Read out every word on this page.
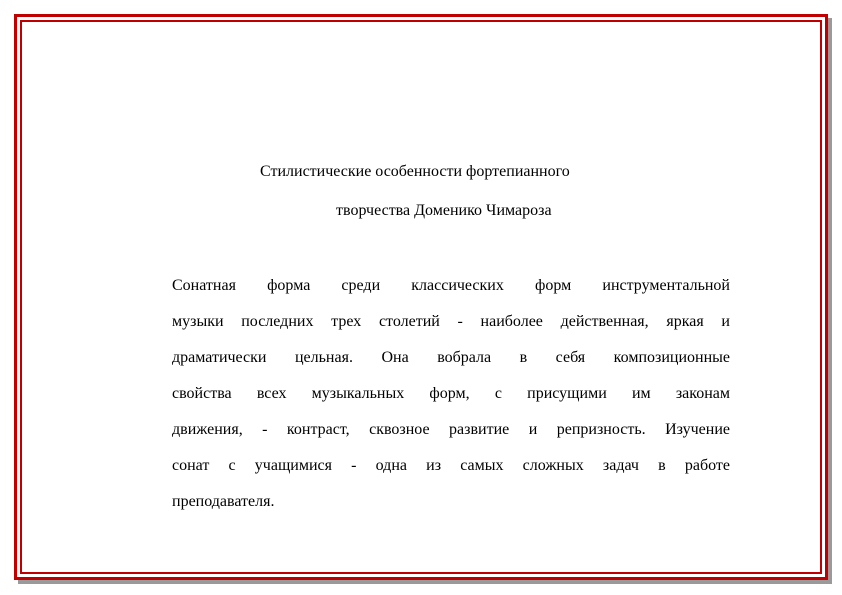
Стилистические особенности фортепианного
творчества Доменико Чимароза
Сонатная форма среди классических форм инструментальной
музыки последних трех столетий - наиболее действенная, яркая и
драматически цельная. Она вобрала в себя композиционные
свойства всех музыкальных форм, с присущими им законам
движения, - контраст, сквозное развитие и репризность. Изучение
сонат с учащимися - одна из самых сложных задач в работе
преподавателя.
